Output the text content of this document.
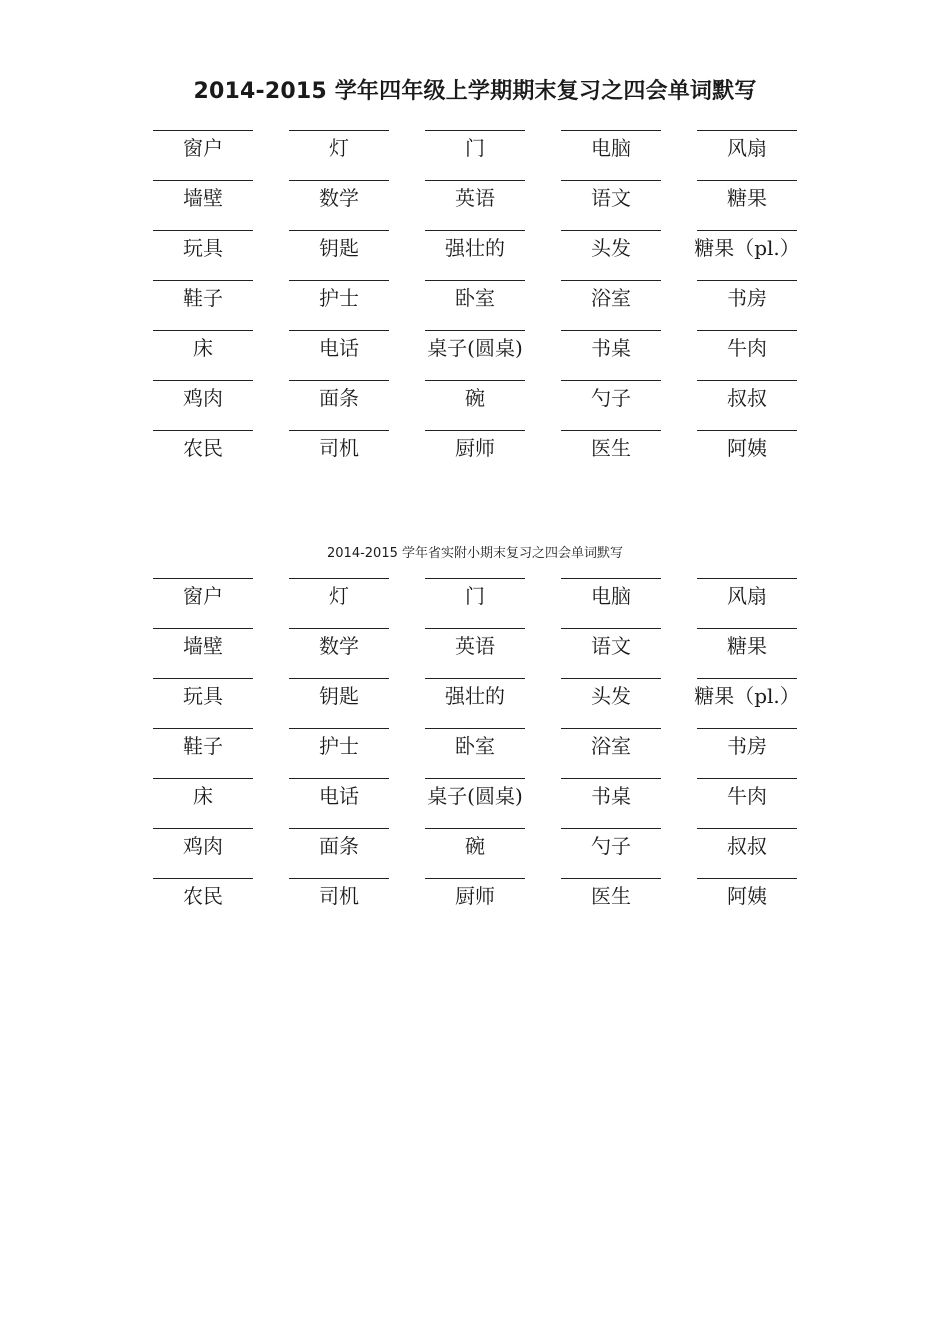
2014-2015 学年四年级上学期期末复习之四会单词默写
窗户	灯	门	电脑	风扇
墙壁	数学	英语	语文	糖果
玩具	钥匙	强壮的	头发	糖果（pl.）
鞋子	护士	卧室	浴室	书房
床	电话	桌子(圆桌)	书桌	牛肉
鸡肉	面条	碗	勺子	叔叔
农民	司机	厨师	医生	阿姨
2014-2015 学年省实附小期末复习之四会单词默写
窗户	灯	门	电脑	风扇
墙壁	数学	英语	语文	糖果
玩具	钥匙	强壮的	头发	糖果（pl.）
鞋子	护士	卧室	浴室	书房
床	电话	桌子(圆桌)	书桌	牛肉
鸡肉	面条	碗	勺子	叔叔
农民	司机	厨师	医生	阿姨
